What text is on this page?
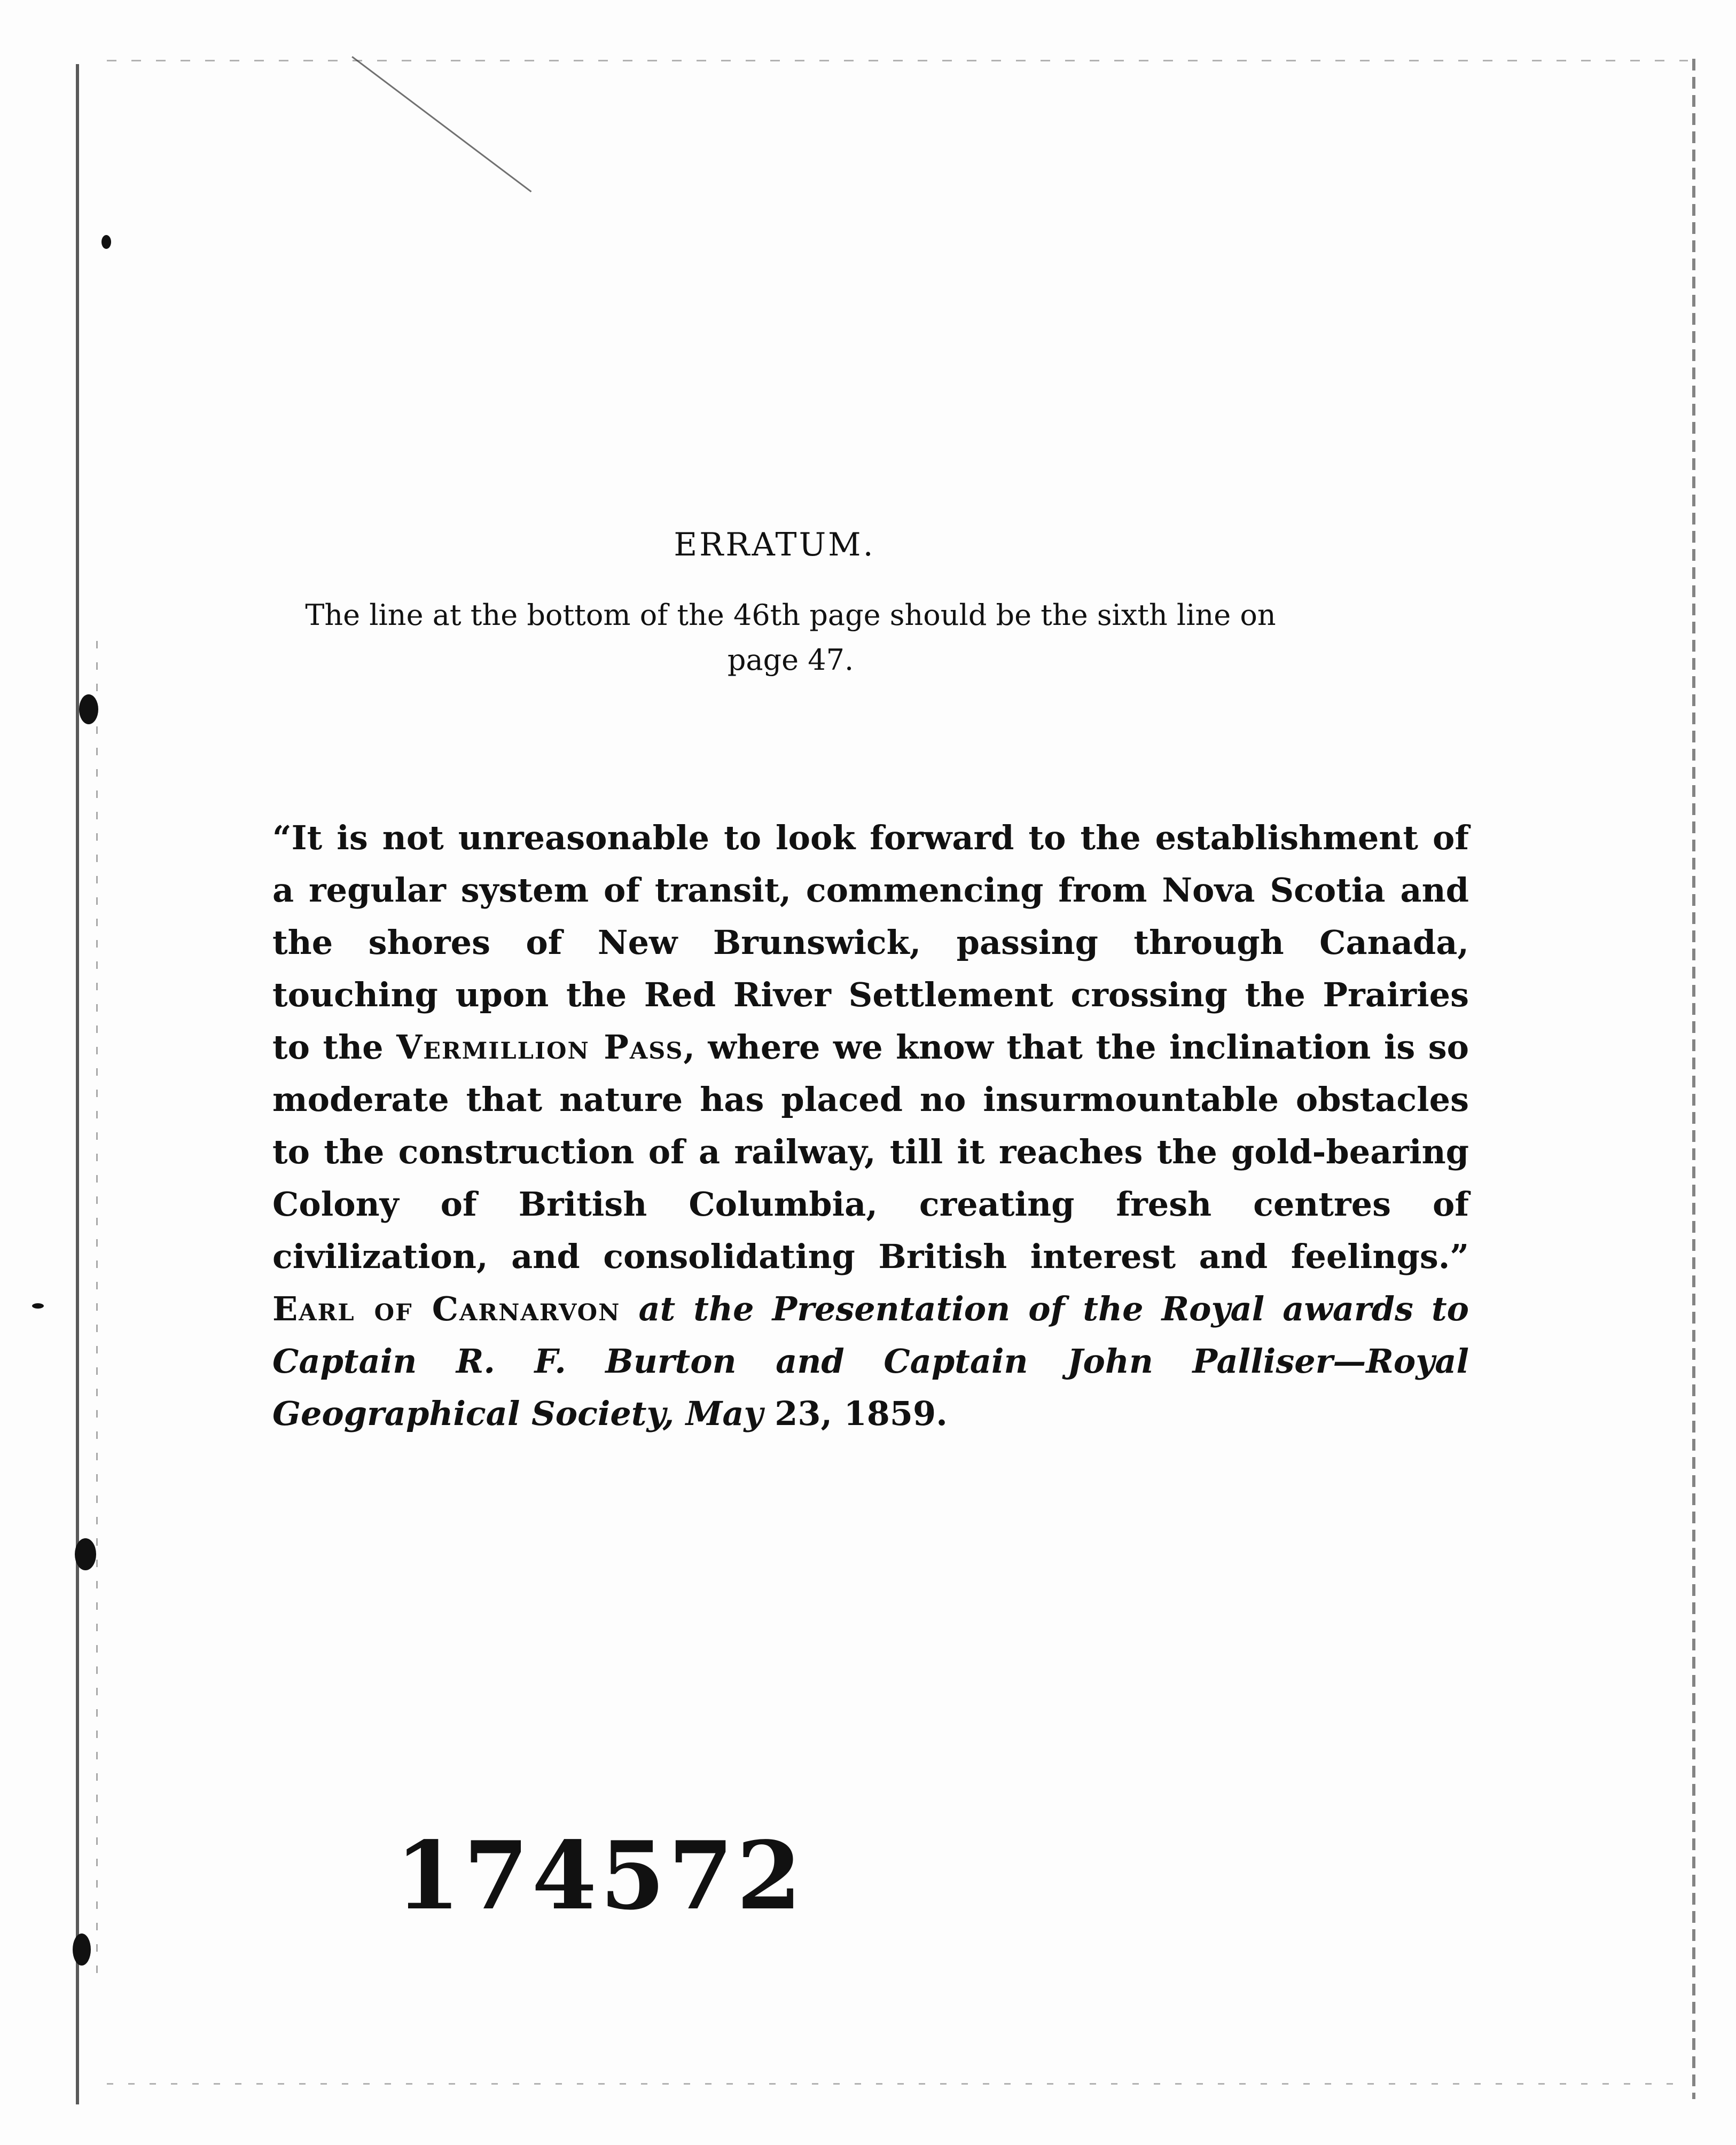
ERRATUM.
The line at the bottom of the 46th page should be the sixth line on page 47.
“It is not unreasonable to look forward to the establishment of a regular system of transit, commencing from Nova Scotia and the shores of New Brunswick, passing through Canada, touching upon the Red River Settlement crossing the Prairies to the Vermillion Pass, where we know that the inclination is so moderate that nature has placed no insurmountable obstacles to the construction of a railway, till it reaches the gold-bearing Colony of British Columbia, creating fresh centres of civilization, and consolidating British interest and feelings.” Earl of Carnarvon at the Presentation of the Royal awards to Captain R. F. Burton and Captain John Palliser—Royal Geographical Society, May 23, 1859.
174572
